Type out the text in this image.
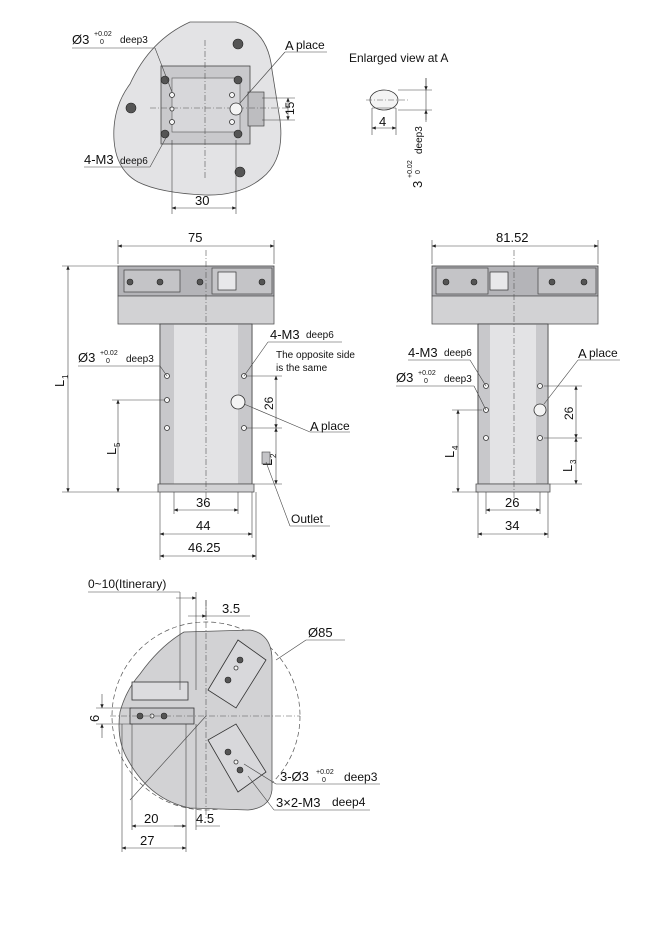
15
30
Ø3 +0.02
0 deep3	A place
4-M3 deep6
Enlarged view at A
4
3
+0.02 0
deep3
75
L
1
L
5
26
L
2
4-M3 deep6
The opposite side
is the same
Ø3 +0.02
0 deep3
A place
Outlet
36
44
46.25
81.52
4-M3 deep6
Ø3 +0.02
0 deep3
A place
26
L
3
L
4
26
34
0~10(Itinerary)
3.5
Ø85
6
3-Ø3 +0.02
0 deep3
3×2-M3 deep4
20	4.5
27
